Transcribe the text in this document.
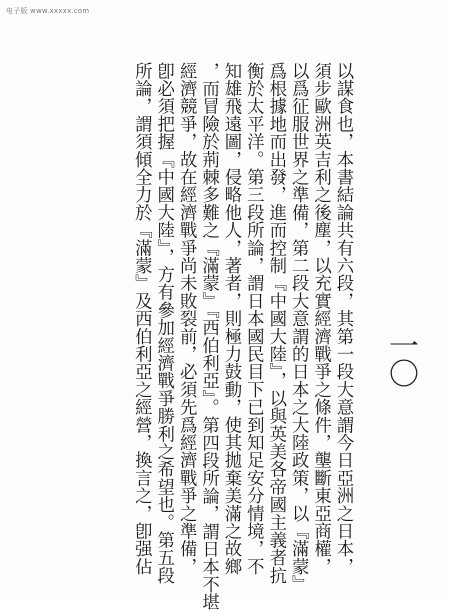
电子版 www.xxxxx.com
一〇
以謀食也，本書結論共有六段，其第一段大意謂今日亞洲之日本，
須步歐洲英吉利之後塵，以充實經濟戰爭之條件，壟斷東亞商權，
以爲征服世界之準備，第二段大意謂的日本之大陸政策，以『滿蒙』
爲根據地而出發，進而控制『中國大陸』，以與英美各帝國主義者抗
衡於太平洋。第三段所論，謂日本國民目下已到知足安分情境，不
知雄飛遠圖，侵略他人，著者，則極力鼓動，使其拋棄美滿之故鄉
，而冒險於荊棘多難之『滿蒙』『西伯利亞』。第四段所論，謂日本不堪
經濟競爭，故在經濟戰爭尚未敗裂前，必須先爲經濟戰爭之準備，
卽必須把握『中國大陸』，方有參加經濟戰爭勝利之希望也。第五段
所論，謂須傾全力於『滿蒙』及西伯利亞之經營，換言之，卽强佔
